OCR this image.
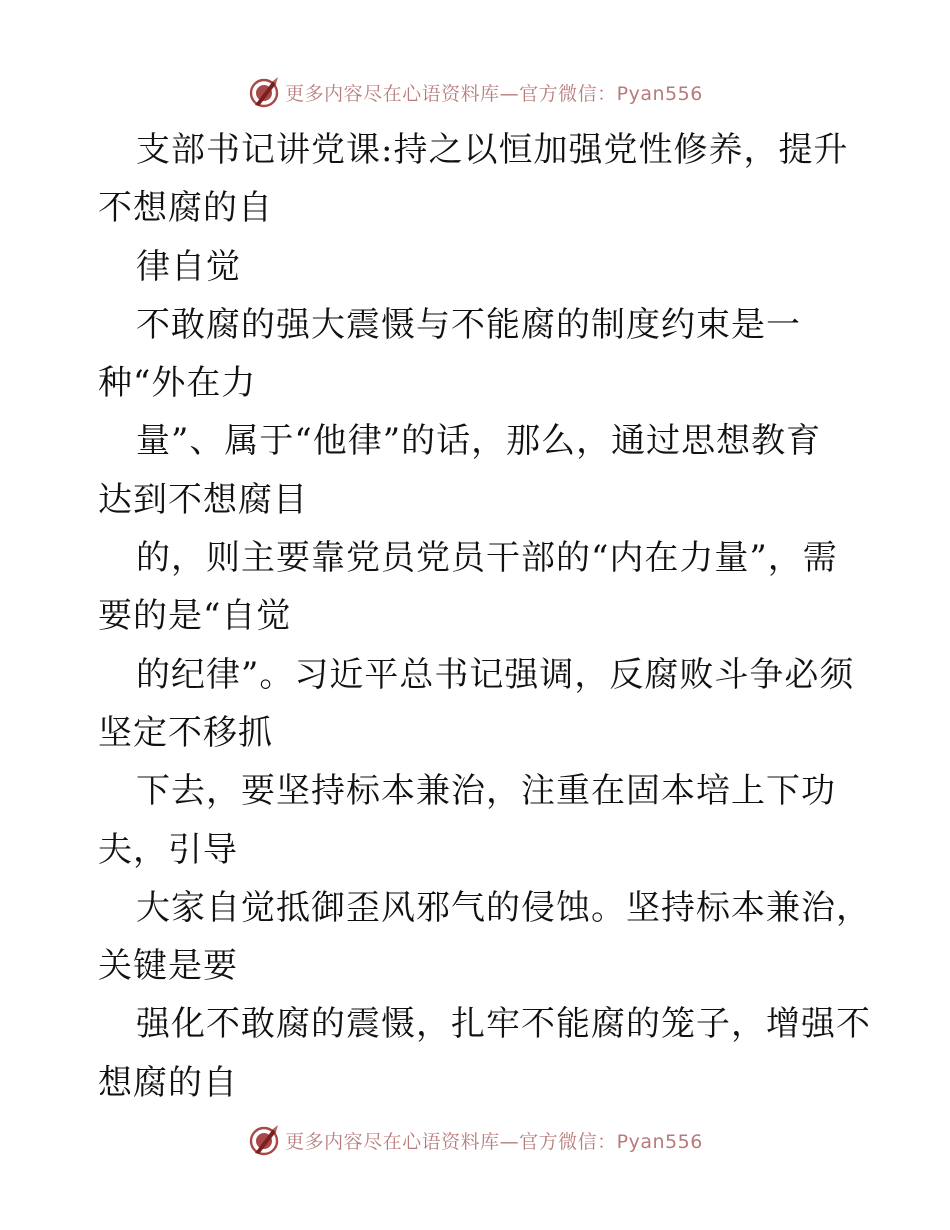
更多内容尽在心语资料库—官方微信：Pyan556
支部书记讲党课:持之以恒加强党性修养，提升
不想腐的自
律自觉
不敢腐的强大震慑与不能腐的制度约束是一
种“外在力
量”、属于“他律”的话，那么，通过思想教育
达到不想腐目
的，则主要靠党员党员干部的“内在力量”，需
要的是“自觉
的纪律”。习近平总书记强调，反腐败斗争必须
坚定不移抓
下去，要坚持标本兼治，注重在固本培上下功
夫，引导
大家自觉抵御歪风邪气的侵蚀。坚持标本兼治，
关键是要
强化不敢腐的震慑，扎牢不能腐的笼子，增强不
想腐的自
更多内容尽在心语资料库—官方微信：Pyan556
